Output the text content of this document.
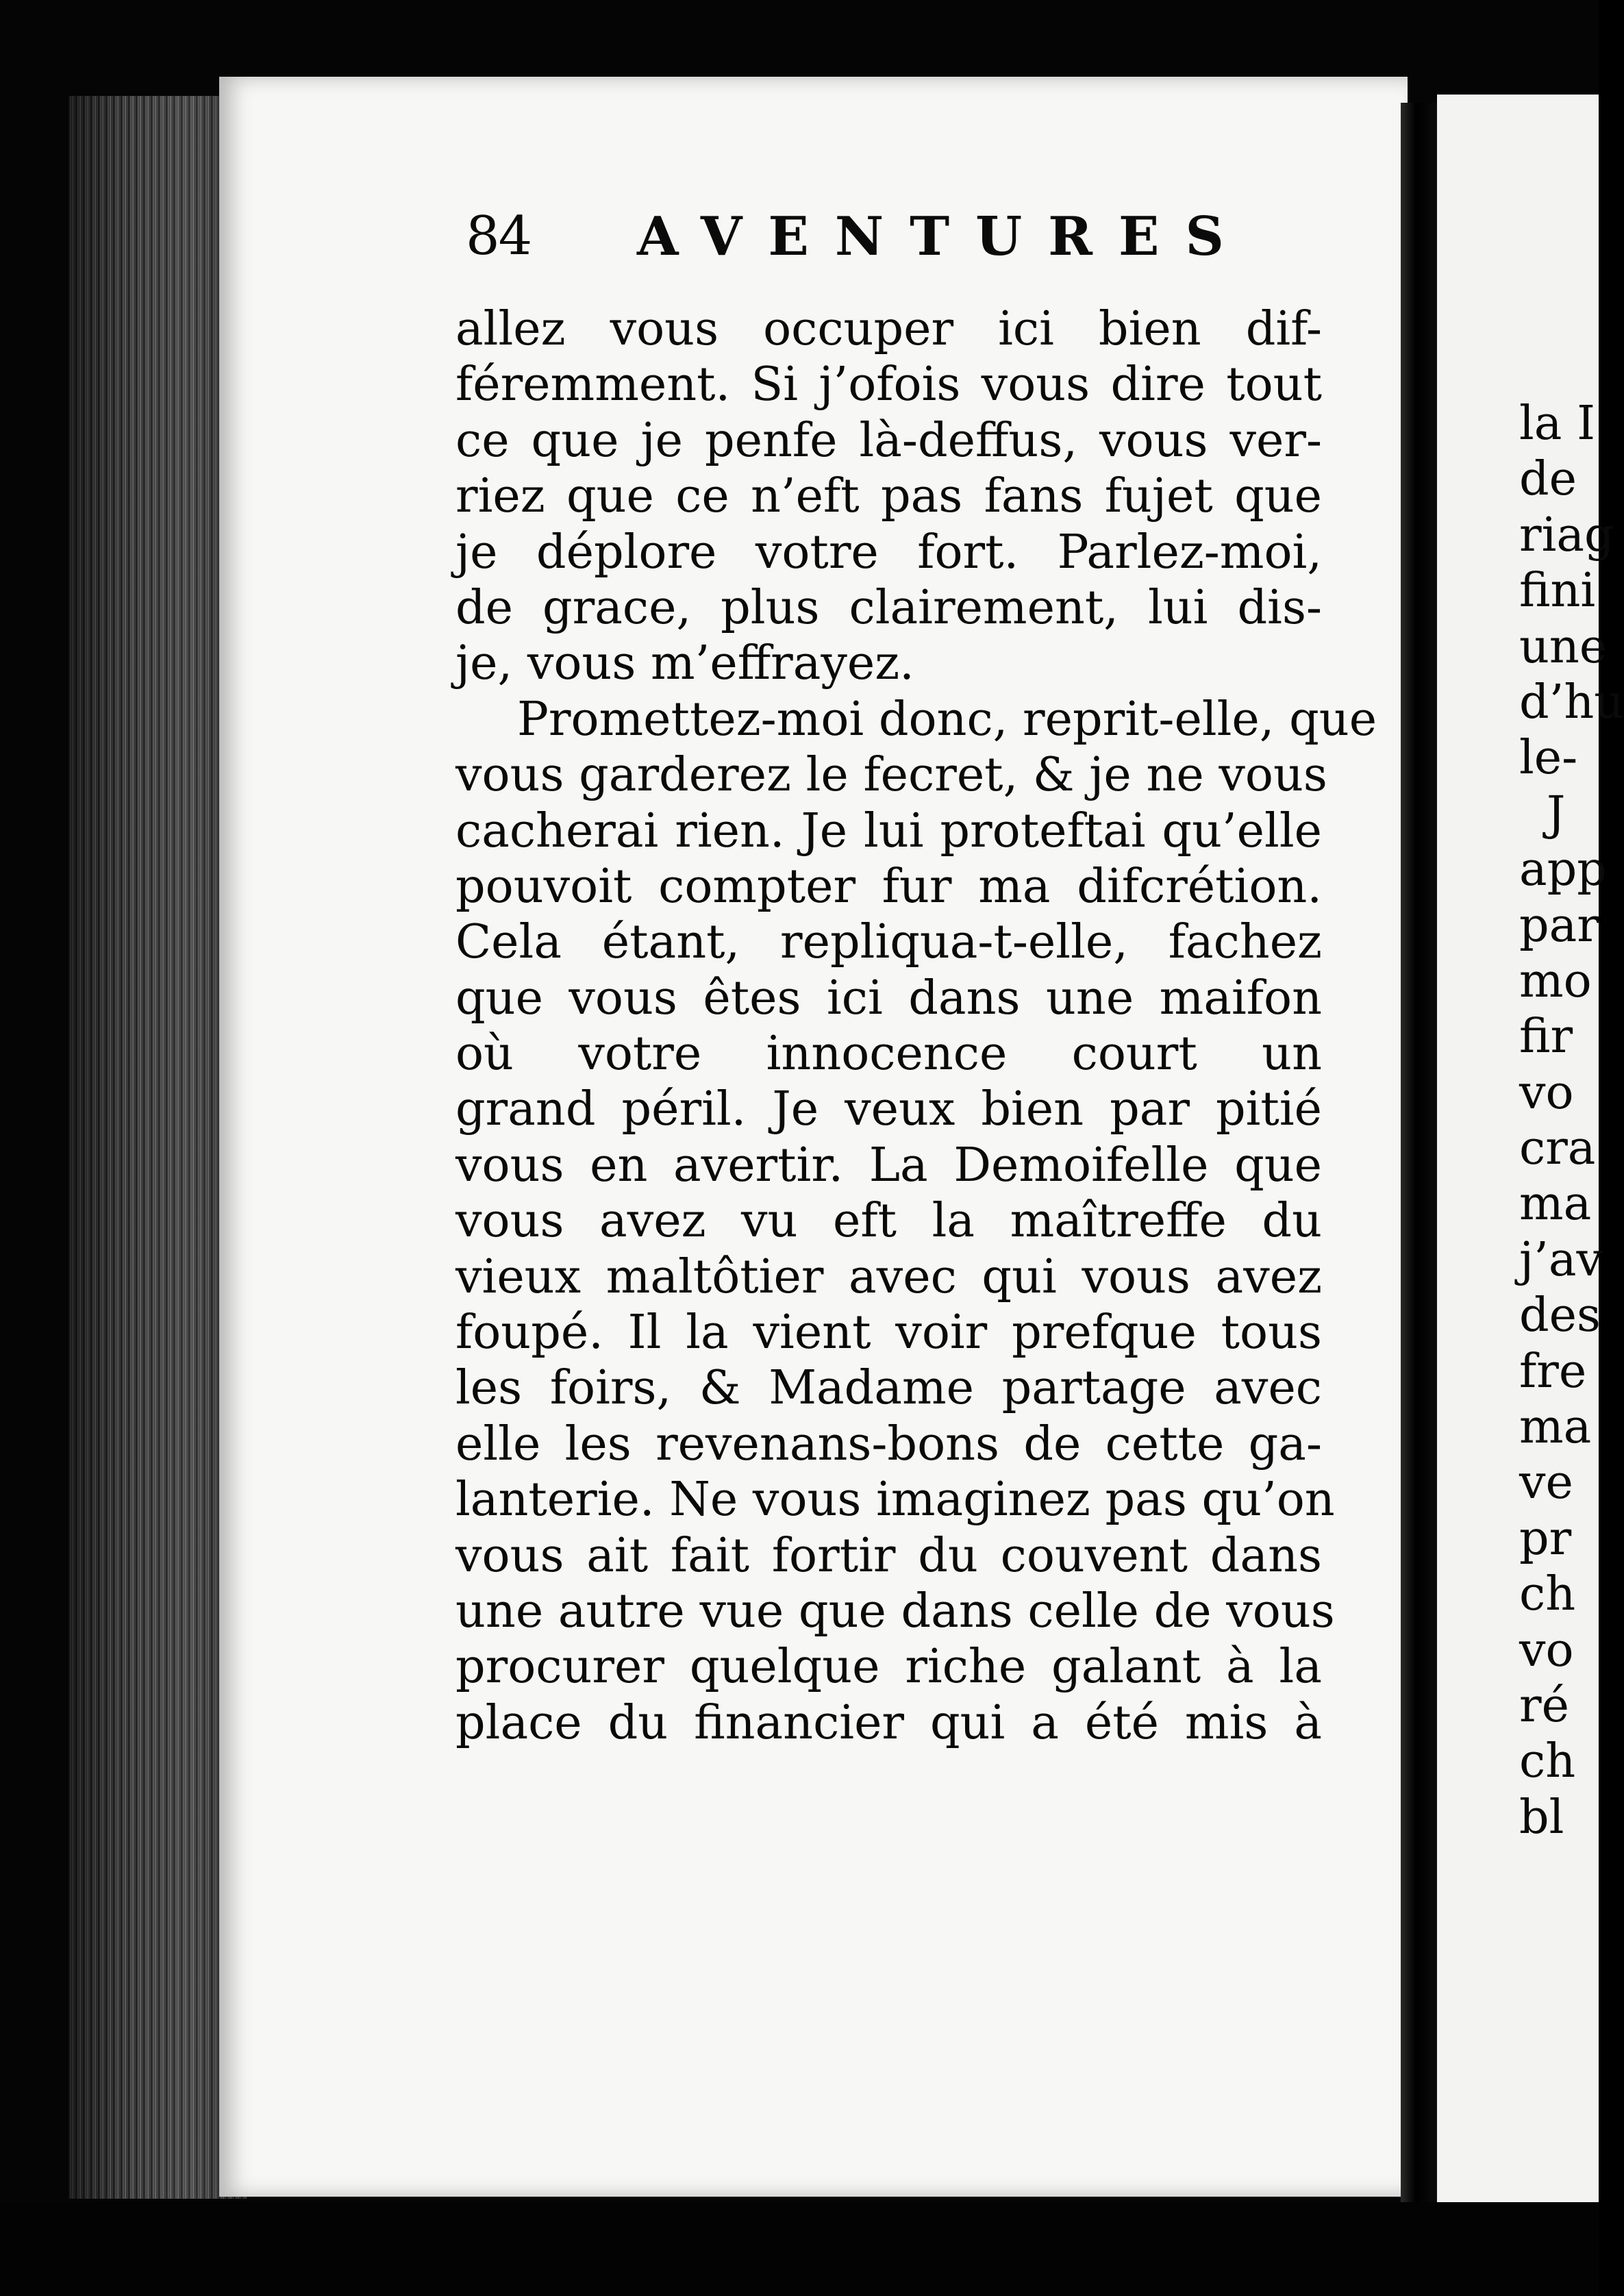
84 AVENTURES
allez vous occuper ici bien dif-
féremment. Si j’ofois vous dire tout
ce que je penfe là-deffus, vous ver-
riez que ce n’eft pas fans fujet que
je déplore votre fort. Parlez-moi,
de grace, plus clairement, lui dis-
je, vous m’effrayez.
Promettez-moi donc, reprit-elle, que
vous garderez le fecret, & je ne vous
cacherai rien. Je lui proteftai qu’elle
pouvoit compter fur ma difcrétion.
Cela étant, repliqua-t-elle, fachez
que vous êtes ici dans une maifon
où votre innocence court un
grand péril. Je veux bien par pitié
vous en avertir. La Demoifelle que
vous avez vu eft la maîtreffe du
vieux maltôtier avec qui vous avez
foupé. Il la vient voir prefque tous
les foirs, & Madame partage avec
elle les revenans-bons de cette ga-
lanterie. Ne vous imaginez pas qu’on
vous ait fait fortir du couvent dans
une autre vue que dans celle de vous
procurer quelque riche galant à la
place du financier qui a été mis à
la I
de
riag
fini
une
d’hu
le-
J
app
par
mo
fir
vo
cra
ma
j’av
des
fre
ma
ve
pr
ch
vo
ré
ch
bl
